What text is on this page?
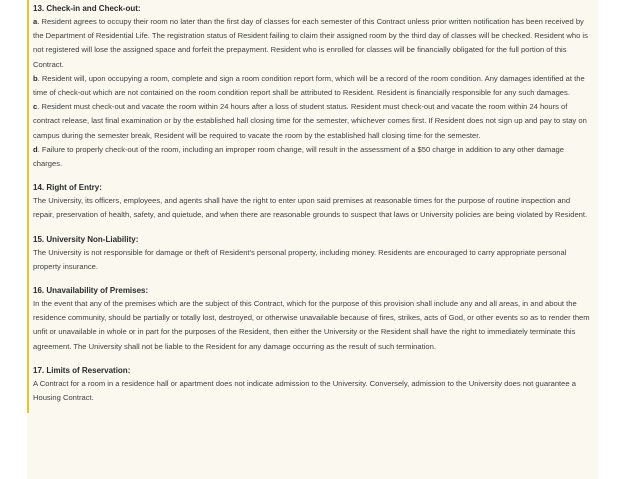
13. Check-in and Check-out:

a. Resident agrees to occupy their room no later than the first day of classes for each semester of this Contract unless prior written notification has been received by the Department of Residential Life. The registration status of Resident failing to claim their assigned room by the third day of classes will be checked. Resident who is not registered will lose the assigned space and forfeit the prepayment. Resident who is enrolled for classes will be financially obligated for the full portion of this Contract.

b. Resident will, upon occupying a room, complete and sign a room condition report form, which will be a record of the room condition. Any damages identified at the time of check-out which are not contained on the room condition report shall be attributed to Resident. Resident is financially responsible for any such damages.

c. Resident must check-out and vacate the room within 24 hours after a loss of student status. Resident must check-out and vacate the room within 24 hours of contract release, last final examination or by the established hall closing time for the semester, whichever comes first. If Resident does not sign up and pay to stay on campus during the semester break, Resident will be required to vacate the room by the established hall closing time for the semester.

d. Failure to properly check-out of the room, including an improper room change, will result in the assessment of a $50 charge in addition to any other damage charges.

14. Right of Entry:

The University, its officers, employees, and agents shall have the right to enter upon said premises at reasonable times for the purpose of routine inspection and repair, preservation of health, safety, and quietude, and when there are reasonable grounds to suspect that laws or University policies are being violated by Resident.

15. University Non-Liability:

The University is not responsible for damage or theft of Resident's personal property, including money. Residents are encouraged to carry appropriate personal property insurance.

16. Unavailability of Premises:

In the event that any of the premises which are the subject of this Contract, which for the purpose of this provision shall include any and all areas, in and about the residence community, should be partially or totally lost, destroyed, or otherwise unavailable because of fires, strikes, acts of God, or other events so as to render them unfit or unavailable in whole or in part for the purposes of the Resident, then either the University or the Resident shall have the right to immediately terminate this agreement. The University shall not be liable to the Resident for any damage occurring as the result of such termination.

17. Limits of Reservation:

A Contract for a room in a residence hall or apartment does not indicate admission to the University. Conversely, admission to the University does not guarantee a Housing Contract.
